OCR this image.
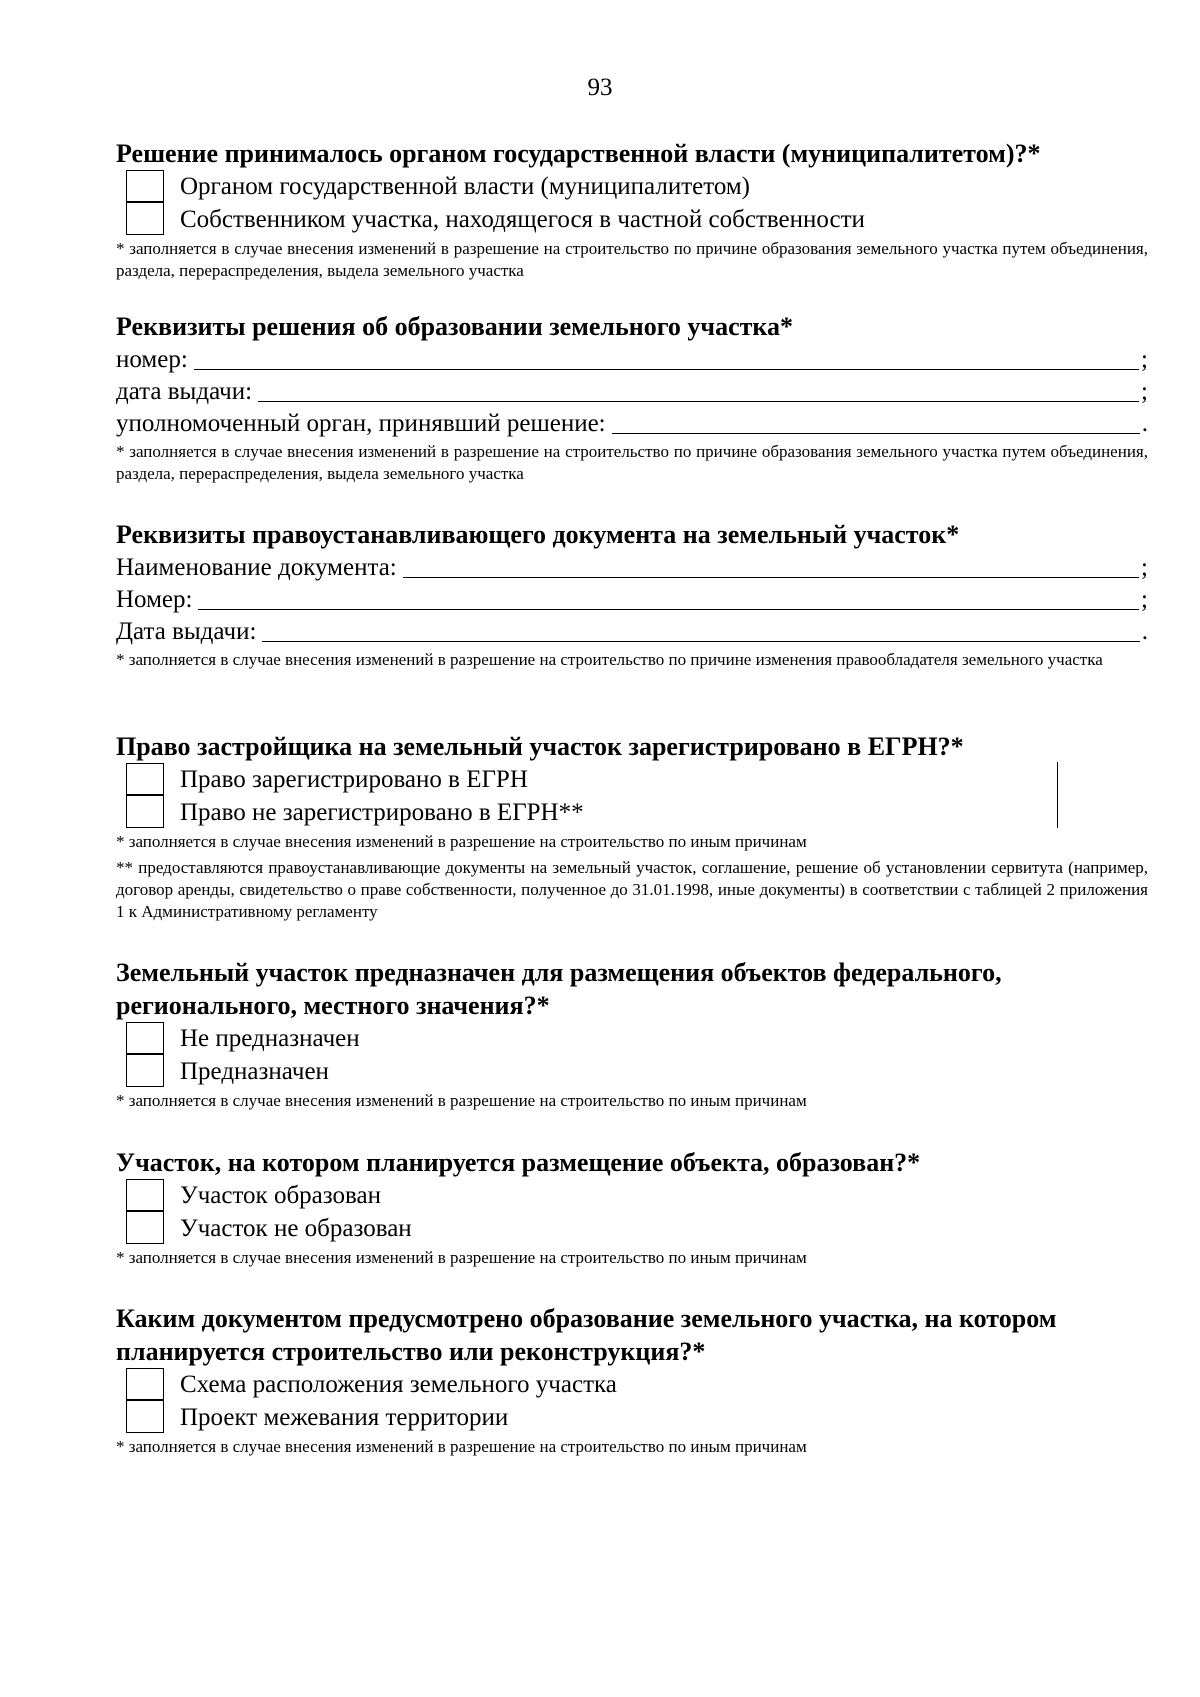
93

Решение принималось органом государственной власти (муниципалитетом)?*

Органом государственной власти (муниципалитетом)
Собственником участка, находящегося в частной собственности

* заполняется в случае внесения изменений в разрешение на строительство по причине образования земельного участка путем объединения, раздела, перераспределения, выдела земельного участка

Реквизиты решения об образовании земельного участка*

номер:	;
дата выдачи:	;
уполномоченный орган, принявший решение:	.

* заполняется в случае внесения изменений в разрешение на строительство по причине образования земельного участка путем объединения, раздела, перераспределения, выдела земельного участка

Реквизиты правоустанавливающего документа на земельный участок*

Наименование документа:	;
Номер:	;
Дата выдачи:	.

* заполняется в случае внесения изменений в разрешение на строительство по причине изменения правообладателя земельного участка

Право застройщика на земельный участок зарегистрировано в ЕГРН?*

Право зарегистрировано в ЕГРН
Право не зарегистрировано в ЕГРН**

* заполняется в случае внесения изменений в разрешение на строительство по иным причинам

** предоставляются правоустанавливающие документы на земельный участок, соглашение, решение об установлении сервитута (например, договор аренды, свидетельство о праве собственности, полученное до 31.01.1998, иные документы) в соответствии с таблицей 2 приложения 1 к Административному регламенту

Земельный участок предназначен для размещения объектов федерального, регионального, местного значения?*

Не предназначен
Предназначен

* заполняется в случае внесения изменений в разрешение на строительство по иным причинам

Участок, на котором планируется размещение объекта, образован?*

Участок образован
Участок не образован

* заполняется в случае внесения изменений в разрешение на строительство по иным причинам

Каким документом предусмотрено образование земельного участка, на котором планируется строительство или реконструкция?*

Схема расположения земельного участка
Проект межевания территории

* заполняется в случае внесения изменений в разрешение на строительство по иным причинам
